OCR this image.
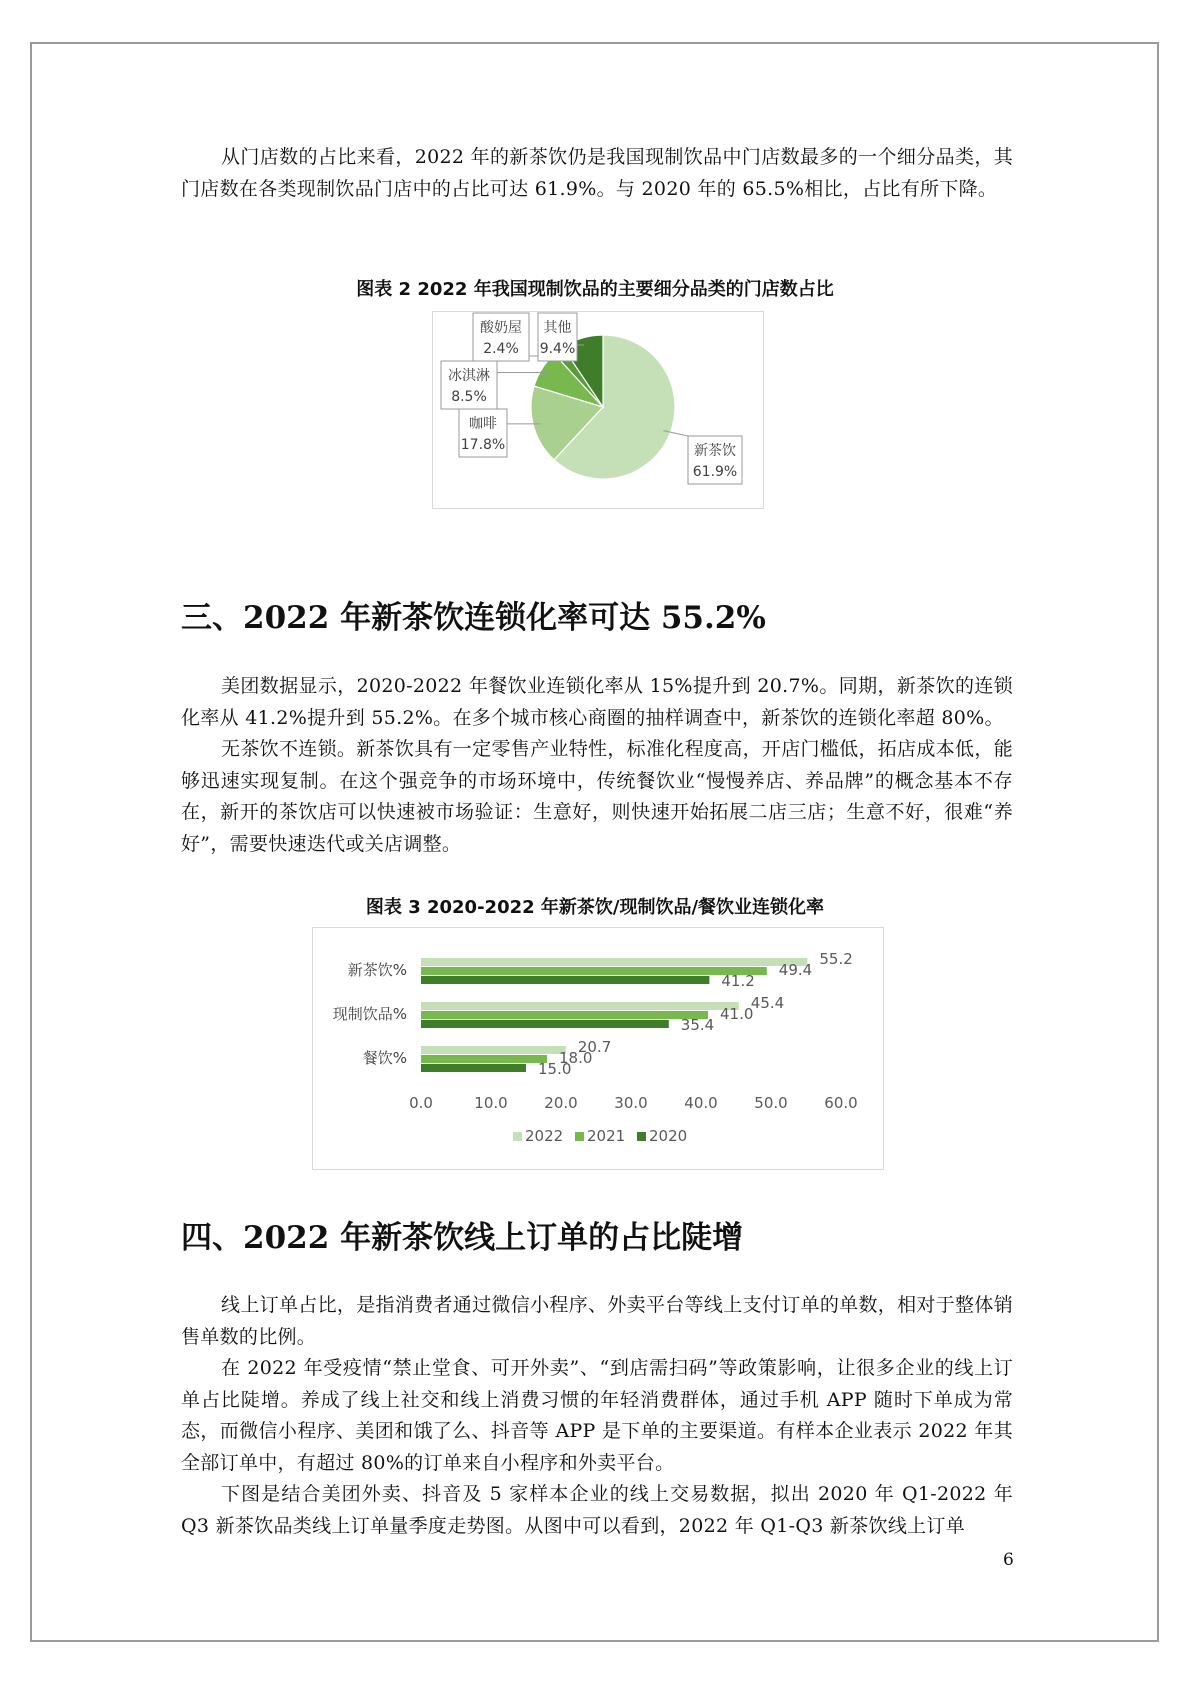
从门店数的占比来看，2022 年的新茶饮仍是我国现制饮品中门店数最多的一个细分品类，其门店数在各类现制饮品门店中的占比可达 61.9%。与 2020 年的 65.5%相比，占比有所下降。

图表 2 2022 年我国现制饮品的主要细分品类的门店数占比
新茶饮
61.9%
咖啡
17.8%
冰淇淋
8.5%
酸奶屋
2.4%
其他
9.4%
三、2022 年新茶饮连锁化率可达 55.2%

美团数据显示，2020-2022 年餐饮业连锁化率从 15%提升到 20.7%。同期，新茶饮的连锁化率从 41.2%提升到 55.2%。在多个城市核心商圈的抽样调查中，新茶饮的连锁化率超 80%。

无茶饮不连锁。新茶饮具有一定零售产业特性，标准化程度高，开店门槛低，拓店成本低，能够迅速实现复制。在这个强竞争的市场环境中，传统餐饮业“慢慢养店、养品牌”的概念基本不存在，新开的茶饮店可以快速被市场验证：生意好，则快速开始拓展二店三店；生意不好，很难“养好”，需要快速迭代或关店调整。

图表 3 2020-2022 年新茶饮/现制饮品/餐饮业连锁化率
0.0	10.0 20.0 30.0 40.0 50.0 60.0
新茶饮%
现制饮品%
餐饮%
55.2
49.4
41.2
45.4
41.0
35.4
20.7
18.0
15.0
2022 2021 2020
四、2022 年新茶饮线上订单的占比陡增

线上订单占比，是指消费者通过微信小程序、外卖平台等线上支付订单的单数，相对于整体销售单数的比例。

在 2022 年受疫情“禁止堂食、可开外卖”、“到店需扫码”等政策影响，让很多企业的线上订单占比陡增。养成了线上社交和线上消费习惯的年轻消费群体，通过手机 APP 随时下单成为常态，而微信小程序、美团和饿了么、抖音等 APP 是下单的主要渠道。有样本企业表示 2022 年其全部订单中，有超过 80%的订单来自小程序和外卖平台。

下图是结合美团外卖、抖音及 5 家样本企业的线上交易数据，拟出 2020 年 Q1-2022 年 Q3 新茶饮品类线上订单量季度走势图。从图中可以看到，2022 年 Q1-Q3 新茶饮线上订单

6
